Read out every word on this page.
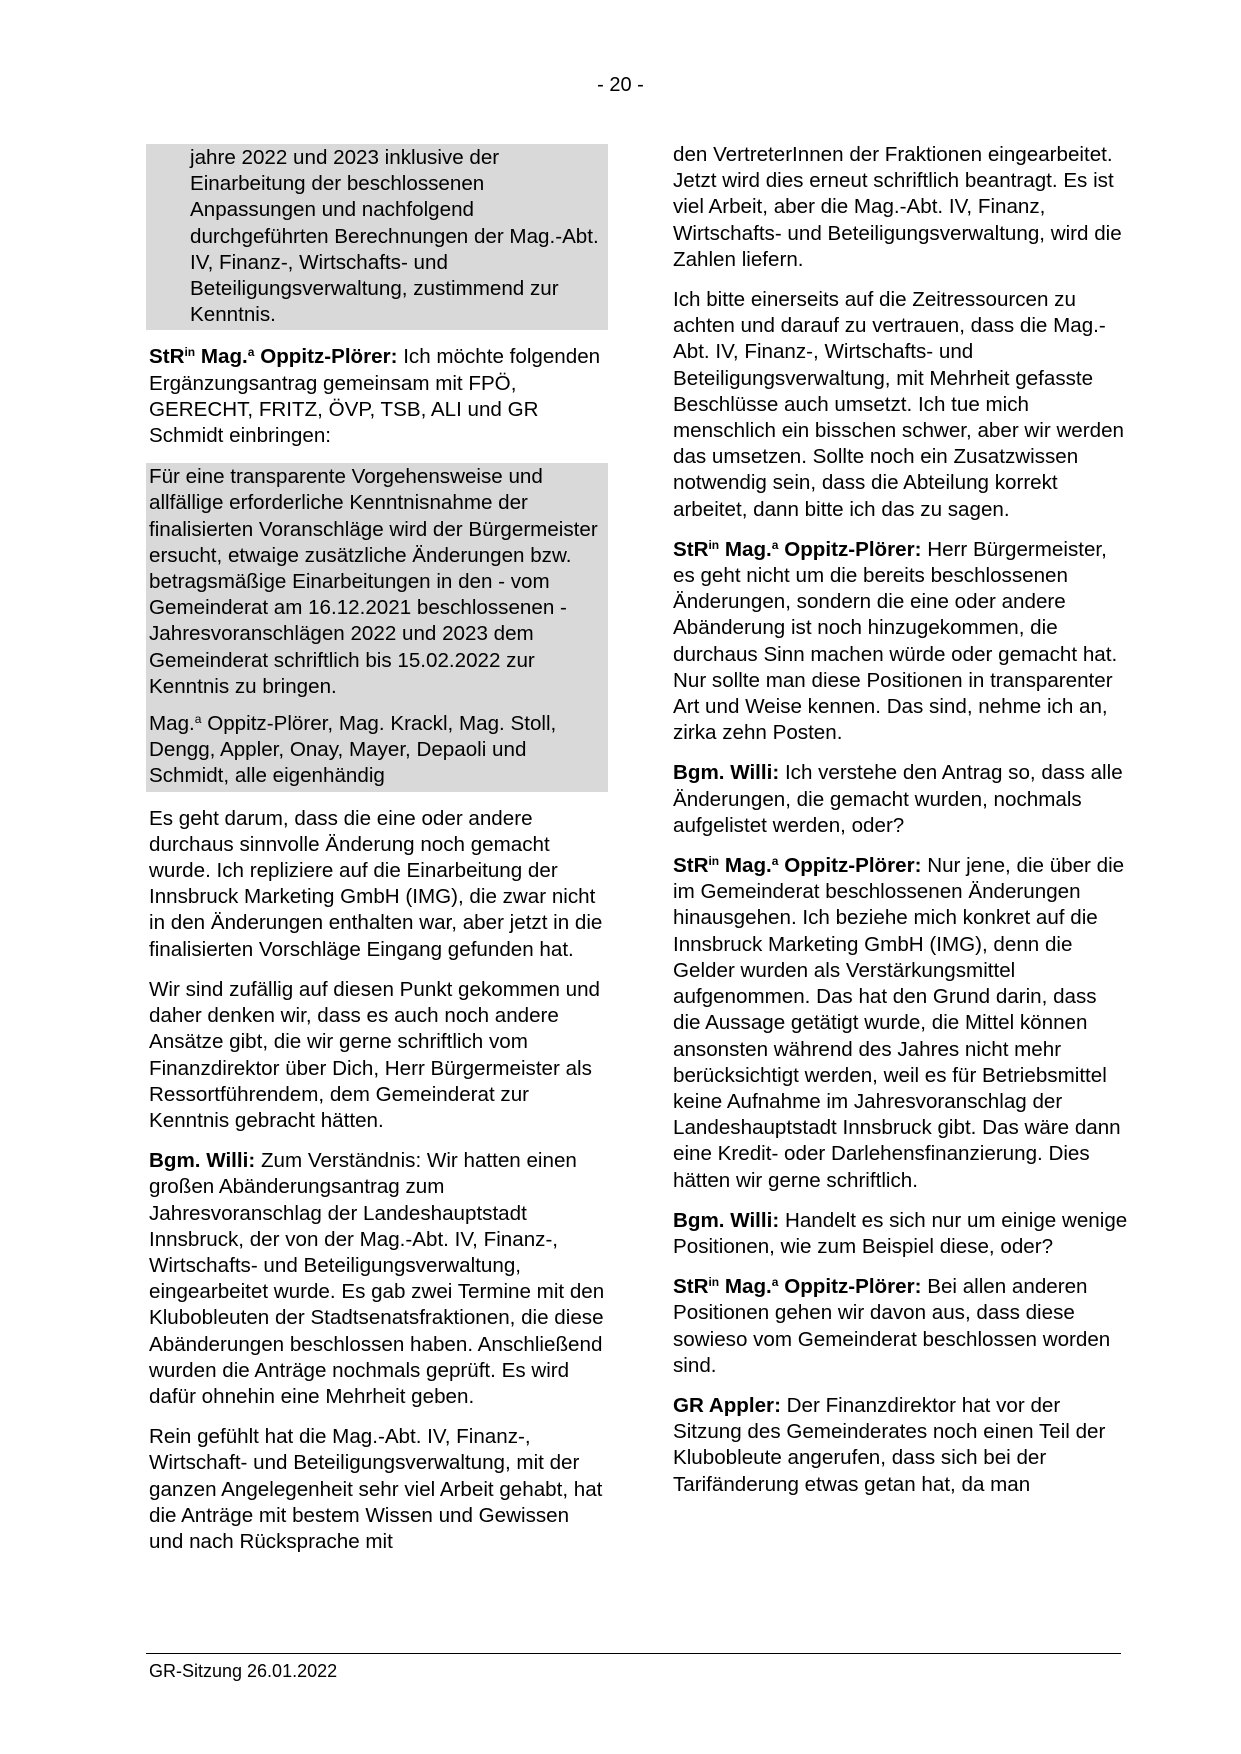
- 20 -

jahre 2022 und 2023 inklusive der Einarbeitung der beschlossenen Anpassungen und nachfolgend durchgeführten Berechnungen der Mag.-Abt. IV, Finanz-, Wirtschafts- und Beteiligungsverwaltung, zustimmend zur Kenntnis.

StR$^{in}$ Mag.$^a$ Oppitz-Plörer: Ich möchte folgenden Ergänzungsantrag gemeinsam mit FPÖ, GERECHT, FRITZ, ÖVP, TSB, ALI und GR Schmidt einbringen:

Für eine transparente Vorgehensweise und allfällige erforderliche Kenntnisnahme der finalisierten Voranschläge wird der Bürgermeister ersucht, etwaige zusätzliche Änderungen bzw. betragsmäßige Einarbeitungen in den - vom Gemeinderat am 16.12.2021 beschlossenen - Jahresvoranschlägen 2022 und 2023 dem Gemeinderat schriftlich bis 15.02.2022 zur Kenntnis zu bringen.

Mag.$^a$ Oppitz-Plörer, Mag. Krackl, Mag. Stoll, Dengg, Appler, Onay, Mayer, Depaoli und Schmidt, alle eigenhändig

Es geht darum, dass die eine oder andere durchaus sinnvolle Änderung noch gemacht wurde. Ich repliziere auf die Einarbeitung der Innsbruck Marketing GmbH (IMG), die zwar nicht in den Änderungen enthalten war, aber jetzt in die finalisierten Vorschläge Eingang gefunden hat.

Wir sind zufällig auf diesen Punkt gekommen und daher denken wir, dass es auch noch andere Ansätze gibt, die wir gerne schriftlich vom Finanzdirektor über Dich, Herr Bürgermeister als Ressortführendem, dem Gemeinderat zur Kenntnis gebracht hätten.

Bgm. Willi: Zum Verständnis: Wir hatten einen großen Abänderungsantrag zum Jahresvoranschlag der Landeshauptstadt Innsbruck, der von der Mag.-Abt. IV, Finanz-, Wirtschafts- und Beteiligungsverwaltung, eingearbeitet wurde. Es gab zwei Termine mit den Klubobleuten der Stadtsenatsfraktionen, die diese Abänderungen beschlossen haben. Anschließend wurden die Anträge nochmals geprüft. Es wird dafür ohnehin eine Mehrheit geben.

Rein gefühlt hat die Mag.-Abt. IV, Finanz-, Wirtschaft- und Beteiligungsverwaltung, mit der ganzen Angelegenheit sehr viel Arbeit gehabt, hat die Anträge mit bestem Wissen und Gewissen und nach Rücksprache mit

den VertreterInnen der Fraktionen eingearbeitet. Jetzt wird dies erneut schriftlich beantragt. Es ist viel Arbeit, aber die Mag.-Abt. IV, Finanz, Wirtschafts- und Beteiligungsverwaltung, wird die Zahlen liefern.

Ich bitte einerseits auf die Zeitressourcen zu achten und darauf zu vertrauen, dass die Mag.-Abt. IV, Finanz-, Wirtschafts- und Beteiligungsverwaltung, mit Mehrheit gefasste Beschlüsse auch umsetzt. Ich tue mich menschlich ein bisschen schwer, aber wir werden das umsetzen. Sollte noch ein Zusatzwissen notwendig sein, dass die Abteilung korrekt arbeitet, dann bitte ich das zu sagen.

StR$^{in}$ Mag.$^a$ Oppitz-Plörer: Herr Bürgermeister, es geht nicht um die bereits beschlossenen Änderungen, sondern die eine oder andere Abänderung ist noch hinzugekommen, die durchaus Sinn machen würde oder gemacht hat. Nur sollte man diese Positionen in transparenter Art und Weise kennen. Das sind, nehme ich an, zirka zehn Posten.

Bgm. Willi: Ich verstehe den Antrag so, dass alle Änderungen, die gemacht wurden, nochmals aufgelistet werden, oder?

StR$^{in}$ Mag.$^a$ Oppitz-Plörer: Nur jene, die über die im Gemeinderat beschlossenen Änderungen hinausgehen. Ich beziehe mich konkret auf die Innsbruck Marketing GmbH (IMG), denn die Gelder wurden als Verstärkungsmittel aufgenommen. Das hat den Grund darin, dass die Aussage getätigt wurde, die Mittel können ansonsten während des Jahres nicht mehr berücksichtigt werden, weil es für Betriebsmittel keine Aufnahme im Jahresvoranschlag der Landeshauptstadt Innsbruck gibt. Das wäre dann eine Kredit- oder Darlehensfinanzierung. Dies hätten wir gerne schriftlich.

Bgm. Willi: Handelt es sich nur um einige wenige Positionen, wie zum Beispiel diese, oder?

StR$^{in}$ Mag.$^a$ Oppitz-Plörer: Bei allen anderen Positionen gehen wir davon aus, dass diese sowieso vom Gemeinderat beschlossen worden sind.

GR Appler: Der Finanzdirektor hat vor der Sitzung des Gemeinderates noch einen Teil der Klubobleute angerufen, dass sich bei der Tarifänderung etwas getan hat, da man

GR-Sitzung 26.01.2022
